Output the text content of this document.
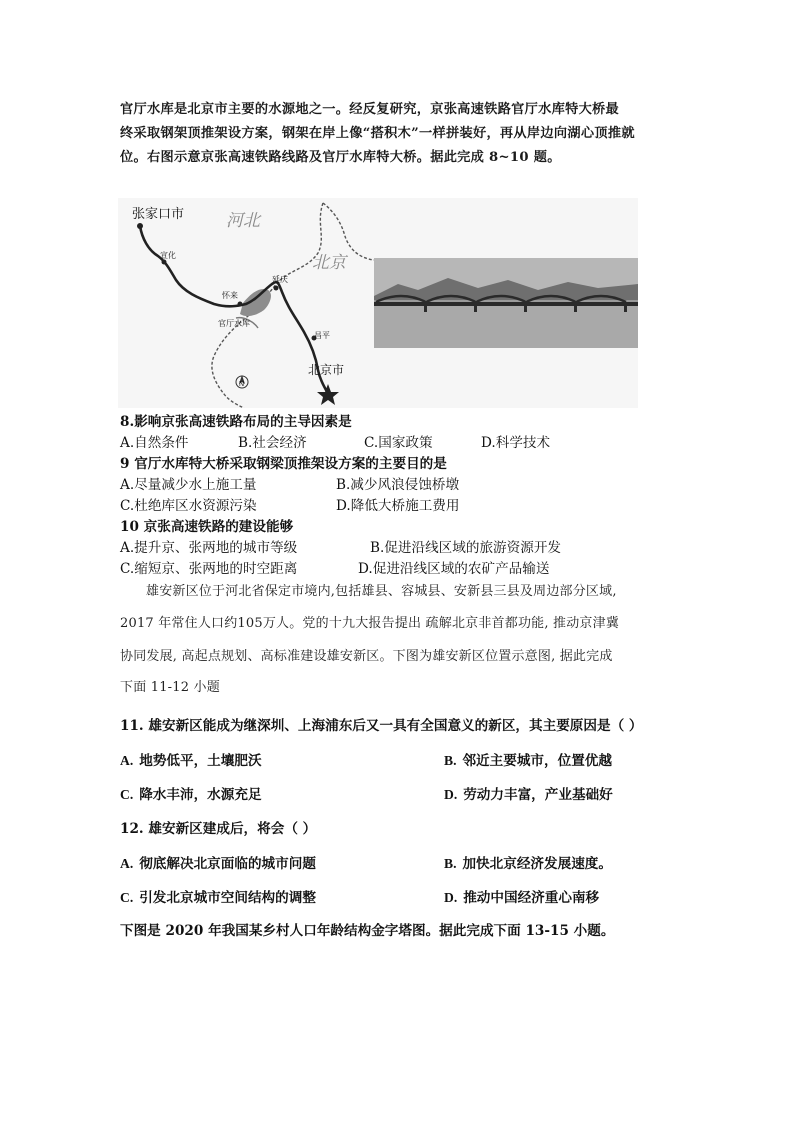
官厅水库是北京市主要的水源地之一。经反复研究，京张高速铁路官厅水库特大桥最
终采取钢架顶推架设方案，钢架在岸上像“搭积木”一样拼装好，再从岸边向湖心顶推就
位。右图示意京张高速铁路线路及官厅水库特大桥。据此完成 8~10 题。
张家口市 河北
宣化	北京
延庆
怀来
官厅水库
昌平
N
北京市
8.影响京张高速铁路布局的主导因素是
A.自然条件	B.社会经济	C.国家政策	D.科学技术
9 官厅水库特大桥采取钢梁顶推架设方案的主要目的是
A.尽量减少水上施工量	B.减少风浪侵蚀桥墩
C.杜绝库区水资源污染	D.降低大桥施工费用
10 京张高速铁路的建设能够
A.提升京、张两地的城市等级	B.促进沿线区域的旅游资源开发
C.缩短京、张两地的时空距离	D.促进沿线区域的农矿产品输送
雄安新区位于河北省保定市境内,包括雄县、容城县、安新县三县及周边部分区域,
2017 年常住人口约105万人。党的十九大报告提出 疏解北京非首都功能, 推动京津冀
协同发展, 高起点规划、高标准建设雄安新区。下图为雄安新区位置示意图, 据此完成
下面 11-12 小题
11. 雄安新区能成为继深圳、上海浦东后又一具有全国意义的新区，其主要原因是（ ）
A. 地势低平，土壤肥沃	B. 邻近主要城市，位置优越
C. 降水丰沛，水源充足	D. 劳动力丰富，产业基础好
12. 雄安新区建成后，将会（ ）
A. 彻底解决北京面临的城市问题	B. 加快北京经济发展速度。
C. 引发北京城市空间结构的调整	D. 推动中国经济重心南移
下图是 2020 年我国某乡村人口年龄结构金字塔图。据此完成下面 13-15 小题。
